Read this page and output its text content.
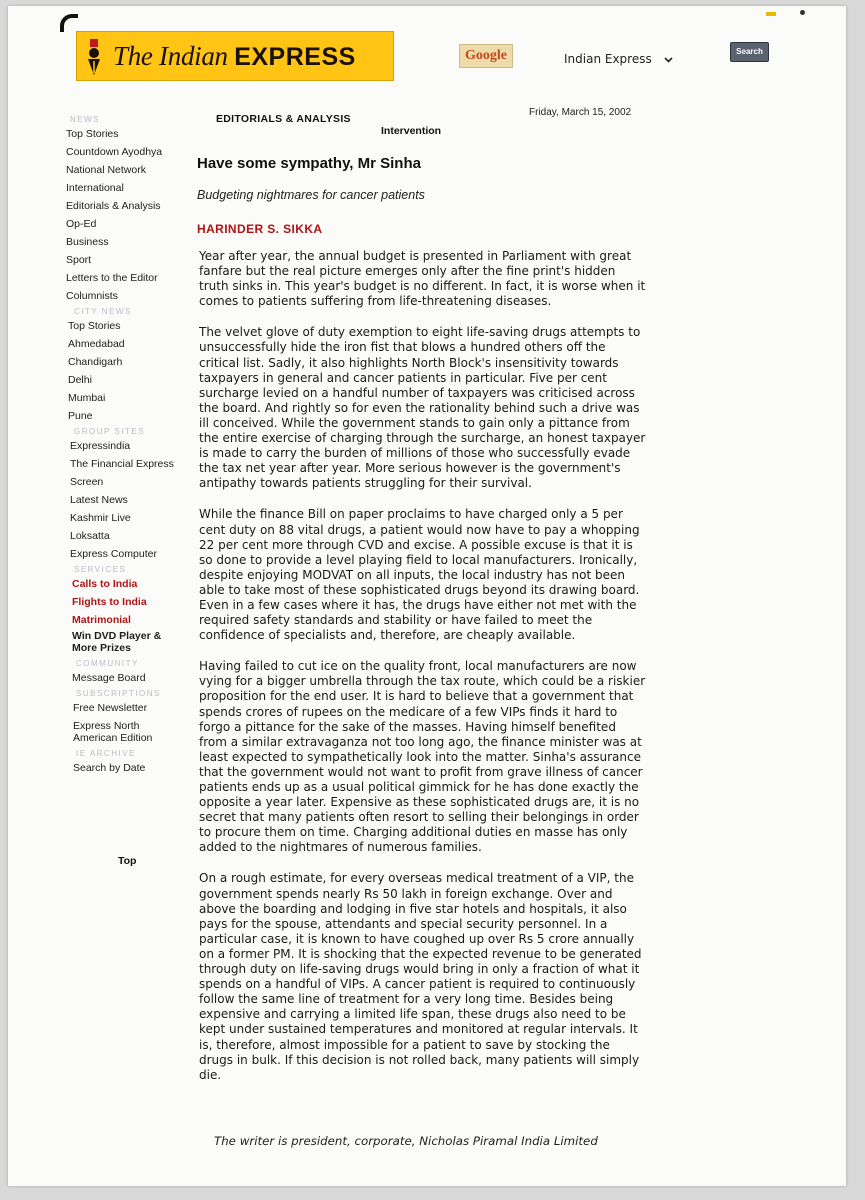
The Indian EXPRESS	Google	Indian Express
Search
NEWS
Top Stories
Countdown Ayodhya
National Network
International
Editorials & Analysis
Op-Ed
Business
Sport
Letters to the Editor
Columnists
CITY NEWS
Top Stories
Ahmedabad
Chandigarh
Delhi
Mumbai
Pune
GROUP SITES
Expressindia
The Financial Express
Screen
Latest News
Kashmir Live
Loksatta
Express Computer
SERVICES
Calls to India
Flights to India
Matrimonial
Win DVD Player & More Prizes
COMMUNITY
Message Board
SUBSCRIPTIONS
Free Newsletter
Express North American Edition
IE ARCHIVE
Search by Date
Top
EDITORIALS & ANALYSIS
Intervention
Friday, March 15, 2002
Have some sympathy, Mr Sinha
Budgeting nightmares for cancer patients
HARINDER S. SIKKA

Year after year, the annual budget is presented in Parliament with great fanfare but the real picture emerges only after the fine print's hidden truth sinks in. This year's budget is no different. In fact, it is worse when it comes to patients suffering from life-threatening diseases.

The velvet glove of duty exemption to eight life-saving drugs attempts to unsuccessfully hide the iron fist that blows a hundred others off the critical list. Sadly, it also highlights North Block's insensitivity towards taxpayers in general and cancer patients in particular. Five per cent surcharge levied on a handful number of taxpayers was criticised across the board. And rightly so for even the rationality behind such a drive was ill conceived. While the government stands to gain only a pittance from the entire exercise of charging through the surcharge, an honest taxpayer is made to carry the burden of millions of those who successfully evade the tax net year after year. More serious however is the government's antipathy towards patients struggling for their survival.

While the finance Bill on paper proclaims to have charged only a 5 per cent duty on 88 vital drugs, a patient would now have to pay a whopping 22 per cent more through CVD and excise. A possible excuse is that it is so done to provide a level playing field to local manufacturers. Ironically, despite enjoying MODVAT on all inputs, the local industry has not been able to take most of these sophisticated drugs beyond its drawing board. Even in a few cases where it has, the drugs have either not met with the required safety standards and stability or have failed to meet the confidence of specialists and, therefore, are cheaply available.

Having failed to cut ice on the quality front, local manufacturers are now vying for a bigger umbrella through the tax route, which could be a riskier proposition for the end user. It is hard to believe that a government that spends crores of rupees on the medicare of a few VIPs finds it hard to forgo a pittance for the sake of the masses. Having himself benefited from a similar extravaganza not too long ago, the finance minister was at least expected to sympathetically look into the matter. Sinha's assurance that the government would not want to profit from grave illness of cancer patients ends up as a usual political gimmick for he has done exactly the opposite a year later. Expensive as these sophisticated drugs are, it is no secret that many patients often resort to selling their belongings in order to procure them on time. Charging additional duties en masse has only added to the nightmares of numerous families.

On a rough estimate, for every overseas medical treatment of a VIP, the government spends nearly Rs 50 lakh in foreign exchange. Over and above the boarding and lodging in five star hotels and hospitals, it also pays for the spouse, attendants and special security personnel. In a particular case, it is known to have coughed up over Rs 5 crore annually on a former PM. It is shocking that the expected revenue to be generated through duty on life-saving drugs would bring in only a fraction of what it spends on a handful of VIPs. A cancer patient is required to continuously follow the same line of treatment for a very long time. Besides being expensive and carrying a limited life span, these drugs also need to be kept under sustained temperatures and monitored at regular intervals. It is, therefore, almost impossible for a patient to save by stocking the drugs in bulk. If this decision is not rolled back, many patients will simply die.

The writer is president, corporate, Nicholas Piramal India Limited
